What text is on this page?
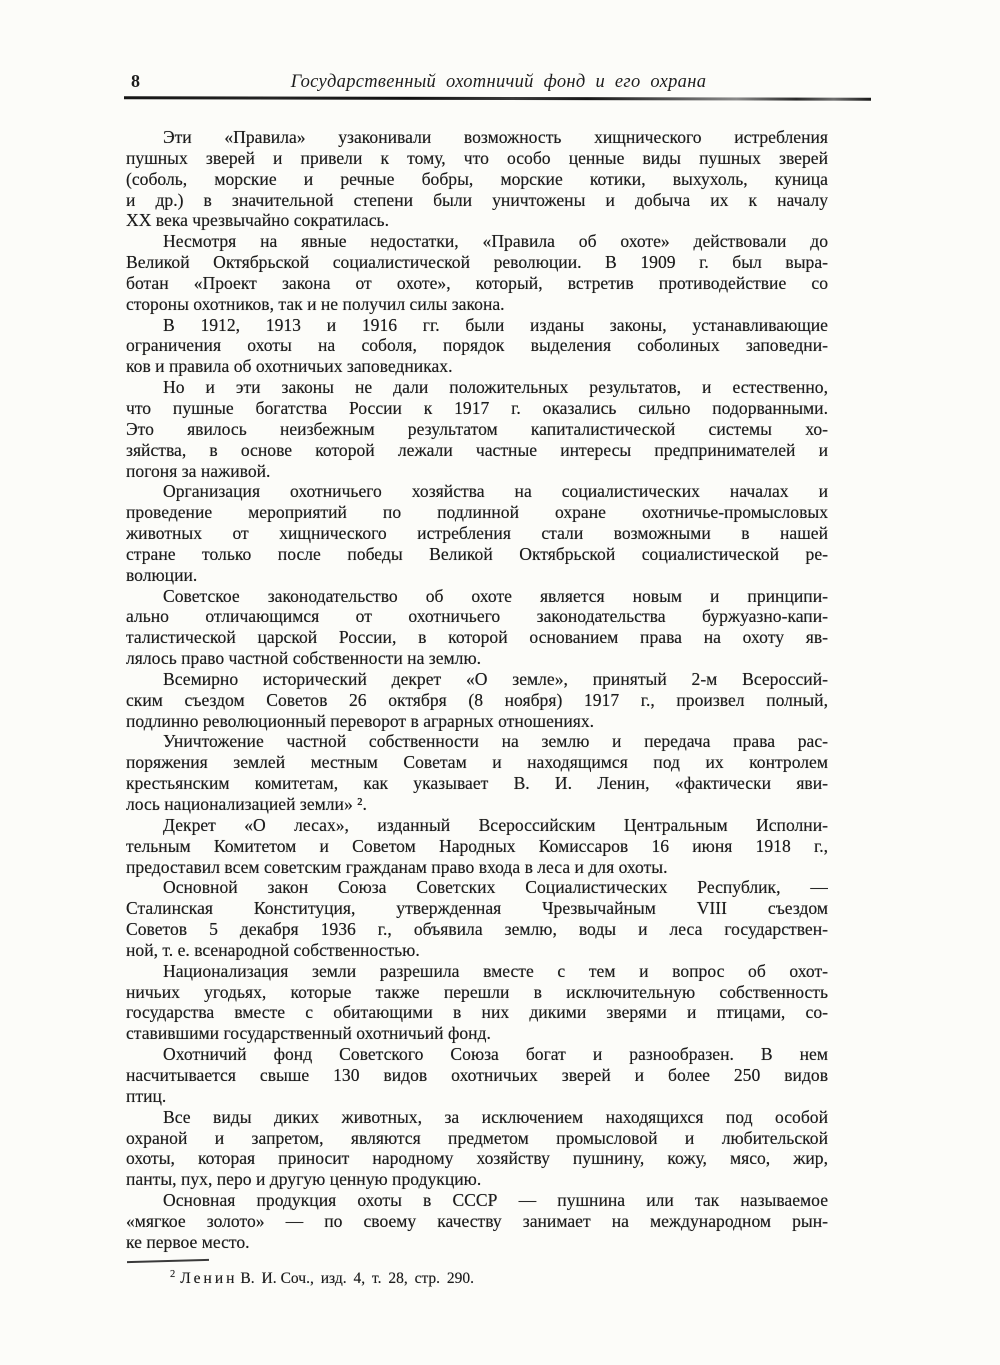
8	Государственный охотничий фонд и его охрана
Эти «Правила» узаконивали возможность хищнического истребления
пушных зверей и привели к тому, что особо ценные виды пушных зверей
(соболь, морские и речные бобры, морские котики, выхухоль, куница
и др.) в значительной степени были уничтожены и добыча их к началу
XX века чрезвычайно сократилась.
Несмотря на явные недостатки, «Правила об охоте» действовали до
Великой Октябрьской социалистической революции. В 1909 г. был выра-
ботан «Проект закона от охоте», который, встретив противодействие со
стороны охотников, так и не получил силы закона.
В 1912, 1913 и 1916 гг. были изданы законы, устанавливающие
ограничения охоты на соболя, порядок выделения соболиных заповедни-
ков и правила об охотничьих заповедниках.
Но и эти законы не дали положительных результатов, и естественно,
что пушные богатства России к 1917 г. оказались сильно подорванными.
Это явилось неизбежным результатом капиталистической системы хо-
зяйства, в основе которой лежали частные интересы предпринимателей и
погоня за наживой.
Организация охотничьего хозяйства на социалистических началах и
проведение мероприятий по подлинной охране охотничье-промысловых
животных от хищнического истребления стали возможными в нашей
стране только после победы Великой Октябрьской социалистической ре-
волюции.
Советское законодательство об охоте является новым и принципи-
ально отличающимся от охотничьего законодательства буржуазно-капи-
талистической царской России, в которой основанием права на охоту яв-
лялось право частной собственности на землю.
Всемирно исторический декрет «О земле», принятый 2-м Всероссий-
ским съездом Советов 26 октября (8 ноября) 1917 г., произвел полный,
подлинно революционный переворот в аграрных отношениях.
Уничтожение частной собственности на землю и передача права рас-
поряжения землей местным Советам и находящимся под их контролем
крестьянским комитетам, как указывает В. И. Ленин, «фактически яви-
лось национализацией земли» ².
Декрет «О лесах», изданный Всероссийским Центральным Исполни-
тельным Комитетом и Советом Народных Комиссаров 16 июня 1918 г.,
предоставил всем советским гражданам право входа в леса и для охоты.
Основной закон Союза Советских Социалистических Республик, —
Сталинская Конституция, утвержденная Чрезвычайным VIII съездом
Советов 5 декабря 1936 г., объявила землю, воды и леса государствен-
ной, т. е. всенародной собственностью.
Национализация земли разрешила вместе с тем и вопрос об охот-
ничьих угодьях, которые также перешли в исключительную собственность
государства вместе с обитающими в них дикими зверями и птицами, со-
ставившими государственный охотничьий фонд.
Охотничий фонд Советского Союза богат и разнообразен. В нем
насчитывается свыше 130 видов охотничьих зверей и более 250 видов
птиц.
Все виды диких животных, за исключением находящихся под особой
охраной и запретом, являются предметом промысловой и любительской
охоты, которая приносит народному хозяйству пушнину, кожу, мясо, жир,
панты, пух, перо и другую ценную продукцию.
Основная продукция охоты в СССР — пушнина или так называемое
«мягкое золото» — по своему качеству занимает на международном рын-
ке первое место.
$^2$ Ленин В. И. Соч., изд. 4, т. 28, стр. 290.
